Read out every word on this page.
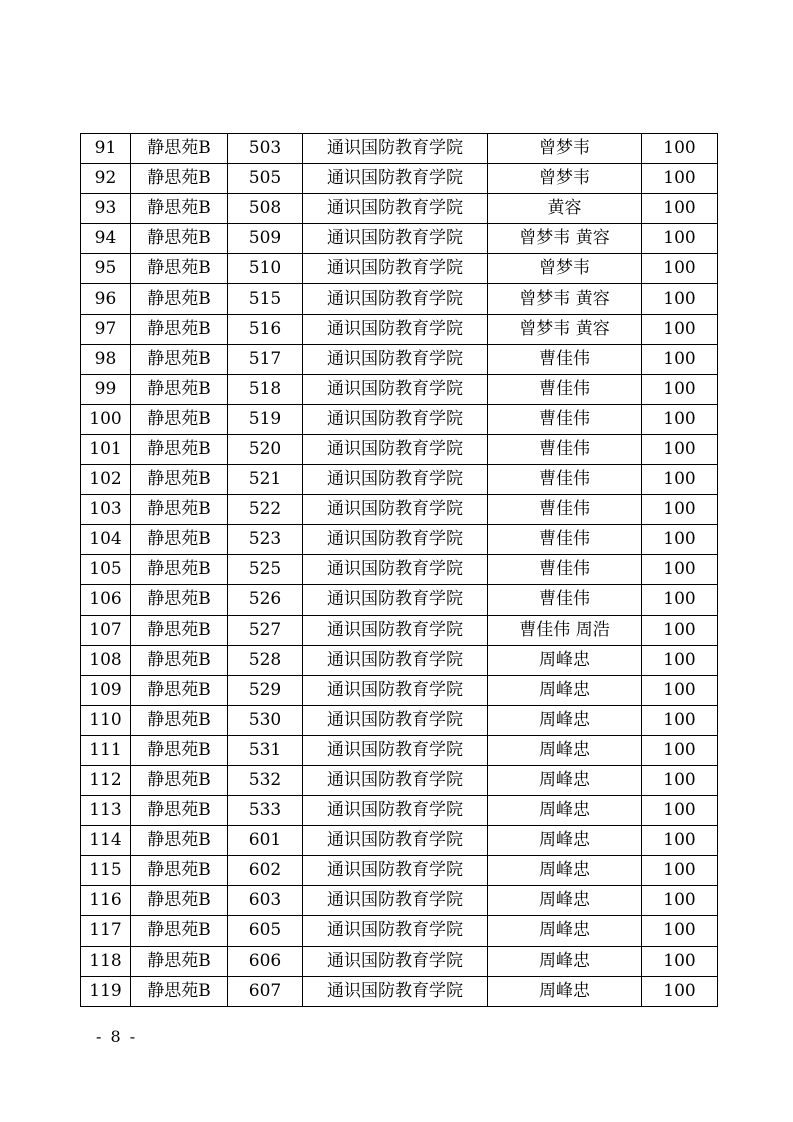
91	静思苑B	503	通识国防教育学院	曾梦韦	100
92	静思苑B	505	通识国防教育学院	曾梦韦	100
93	静思苑B	508	通识国防教育学院	黄容	100
94	静思苑B	509	通识国防教育学院	曾梦韦 黄容	100
95	静思苑B	510	通识国防教育学院	曾梦韦	100
96	静思苑B	515	通识国防教育学院	曾梦韦 黄容	100
97	静思苑B	516	通识国防教育学院	曾梦韦 黄容	100
98	静思苑B	517	通识国防教育学院	曹佳伟	100
99	静思苑B	518	通识国防教育学院	曹佳伟	100
100	静思苑B	519	通识国防教育学院	曹佳伟	100
101	静思苑B	520	通识国防教育学院	曹佳伟	100
102	静思苑B	521	通识国防教育学院	曹佳伟	100
103	静思苑B	522	通识国防教育学院	曹佳伟	100
104	静思苑B	523	通识国防教育学院	曹佳伟	100
105	静思苑B	525	通识国防教育学院	曹佳伟	100
106	静思苑B	526	通识国防教育学院	曹佳伟	100
107	静思苑B	527	通识国防教育学院	曹佳伟 周浩	100
108	静思苑B	528	通识国防教育学院	周峰忠	100
109	静思苑B	529	通识国防教育学院	周峰忠	100
110	静思苑B	530	通识国防教育学院	周峰忠	100
111	静思苑B	531	通识国防教育学院	周峰忠	100
112	静思苑B	532	通识国防教育学院	周峰忠	100
113	静思苑B	533	通识国防教育学院	周峰忠	100
114	静思苑B	601	通识国防教育学院	周峰忠	100
115	静思苑B	602	通识国防教育学院	周峰忠	100
116	静思苑B	603	通识国防教育学院	周峰忠	100
117	静思苑B	605	通识国防教育学院	周峰忠	100
118	静思苑B	606	通识国防教育学院	周峰忠	100
119	静思苑B	607	通识国防教育学院	周峰忠	100
- 8 -
